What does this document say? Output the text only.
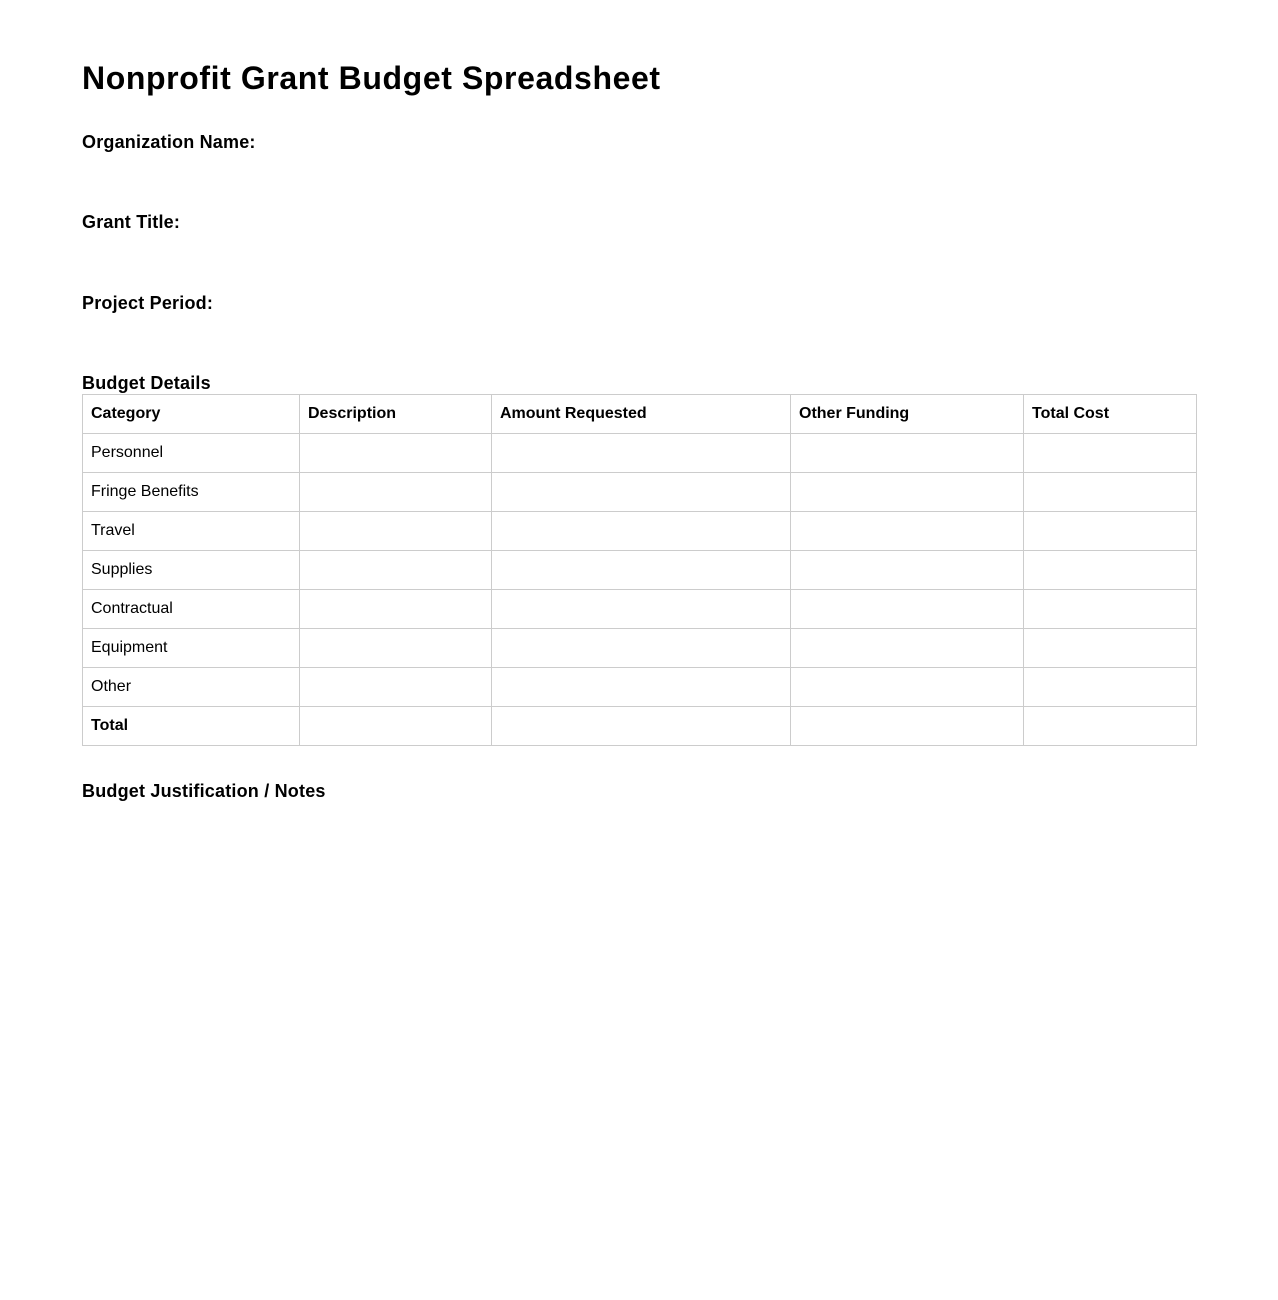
Nonprofit Grant Budget Spreadsheet
Organization Name:
Grant Title:
Project Period:
Budget Details
Category	Description	Amount Requested	Other Funding	Total Cost
Personnel				
Fringe Benefits				
Travel				
Supplies				
Contractual				
Equipment				
Other				
Total				
Budget Justification / Notes
